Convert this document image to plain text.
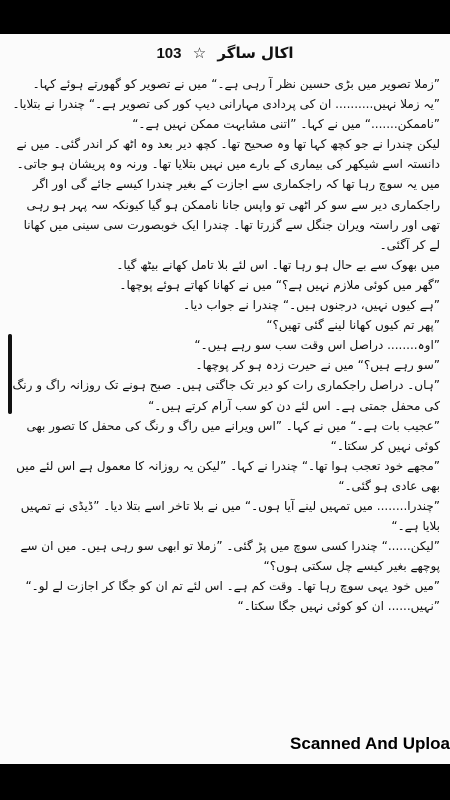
اکال ساگر ☆ 103

”زملا تصویر میں بڑی حسین نظر آ رہی ہے۔“ میں نے تصویر کو گھورتے ہوئے کہا۔

”یہ زملا نہیں.......... ان کی پردادی مہارانی دیپ کور کی تصویر ہے۔“ چندرا نے بتلایا۔

”ناممکن.......“ میں نے کہا۔ ”اتنی مشابہت ممکن نہیں ہے۔“

لیکن چندرا نے جو کچھ کہا تھا وہ صحیح تھا۔ کچھ دیر بعد وہ اٹھ کر اندر گئی۔ میں نے دانستہ اسے شیکھر کی بیماری کے بارے میں نہیں بتلایا تھا۔ ورنہ وہ پریشان ہو جاتی۔ میں یہ سوچ رہا تھا کہ راجکماری سے اجازت کے بغیر چندرا کیسے جائے گی اور اگر راجکماری دیر سے سو کر اٹھی تو واپس جانا ناممکن ہو گیا کیونکہ سہ پہر ہو رہی تھی اور راستہ ویران جنگل سے گزرتا تھا۔ چندرا ایک خوبصورت سی سینی میں کھانا لے کر آگئی۔

میں بھوک سے بے حال ہو رہا تھا۔ اس لئے بلا تامل کھانے بیٹھ گیا۔

”گھر میں کوئی ملازم نہیں ہے؟“ میں نے کھانا کھاتے ہوئے پوچھا۔

”ہے کیوں نہیں، درجنوں ہیں۔“ چندرا نے جواب دیا۔

”پھر تم کیوں کھانا لینے گئی تھیں؟“

”اوہ........ دراصل اس وقت سب سو رہے ہیں۔“

”سو رہے ہیں؟“ میں نے حیرت زدہ ہو کر پوچھا۔

”ہاں۔ دراصل راجکماری رات کو دیر تک جاگتی ہیں۔ صبح ہونے تک روزانہ راگ و رنگ کی محفل جمتی ہے۔ اس لئے دن کو سب آرام کرتے ہیں۔“

”عجیب بات ہے۔“ میں نے کہا۔ ”اس ویرانے میں راگ و رنگ کی محفل کا تصور بھی کوئی نہیں کر سکتا۔“

”مجھے خود تعجب ہوا تھا۔“ چندرا نے کہا۔ ”لیکن یہ روزانہ کا معمول ہے اس لئے میں بھی عادی ہو گئی۔“

”چندرا........ میں تمہیں لینے آیا ہوں۔“ میں نے بلا تاخر اسے بتلا دیا۔ ”ڈیڈی نے تمہیں بلایا ہے۔“

”لیکن......“ چندرا کسی سوچ میں پڑ گئی۔ ”زملا تو ابھی سو رہی ہیں۔ میں ان سے پوچھے بغیر کیسے چل سکتی ہوں؟“

”میں خود یہی سوچ رہا تھا۔ وقت کم ہے۔ اس لئے تم ان کو جگا کر اجازت لے لو۔“

”نہیں...... ان کو کوئی نہیں جگا سکتا۔“

Scanned And Uploa
